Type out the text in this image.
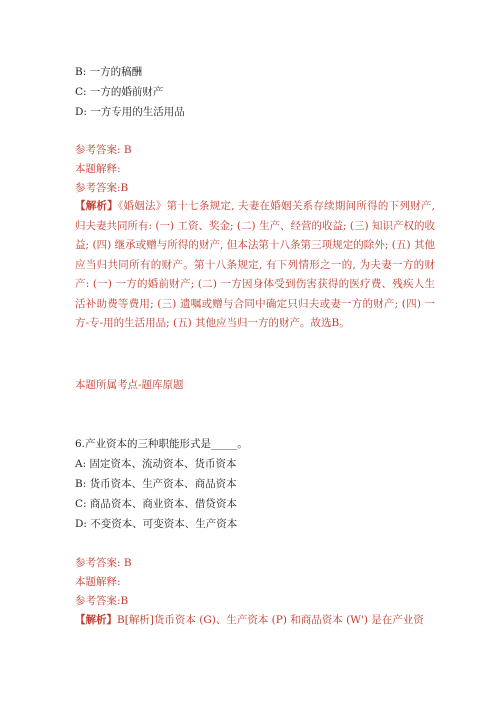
B: 一方的稿酬
C: 一方的婚前财产
D: 一方专用的生活用品
参考答案: B
本题解释:
参考答案:B
【解析】《婚姻法》第十七条规定, 夫妻在婚姻关系存续期间所得的下列财产, 归夫妻共同所有: (一) 工资、奖金; (二) 生产、经营的收益; (三) 知识产权的收益; (四) 继承或赠与所得的财产, 但本法第十八条第三项规定的除外; (五) 其他应当归共同所有的财产。第十八条规定, 有下列情形之一的, 为夫妻一方的财产: (一) 一方的婚前财产; (二) 一方因身体受到伤害获得的医疗费、残疾人生活补助费等费用; (三) 遗嘱或赠与合同中确定只归夫或妻一方的财产; (四) 一方-专-用的生活用品; (五) 其他应当归一方的财产。故选B。
本题所属考点-题库原题
6.产业资本的三种职能形式是_____。
A: 固定资本、流动资本、货币资本
B: 货币资本、生产资本、商品资本
C: 商品资本、商业资本、借贷资本
D: 不变资本、可变资本、生产资本
参考答案: B
本题解释:
参考答案:B
【解析】B[解析]货币资本 (G)、生产资本 (P) 和商品资本 (W') 是在产业资
